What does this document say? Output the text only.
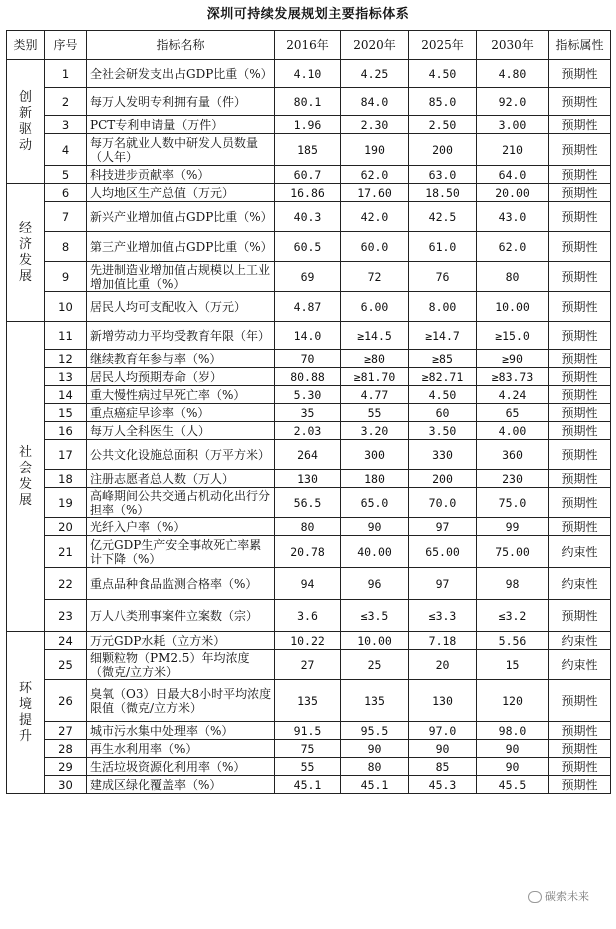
深圳可持续发展规划主要指标体系
类别	序号	指标名称	2016年	2020年	2025年	2030年	指标属性
创新驱动	1	全社会研发支出占GDP比重（%）	4.10	4.25	4.50	4.80	预期性
	2	每万人发明专利拥有量（件）	80.1	84.0	85.0	92.0	预期性
	3	PCT专利申请量（万件）	1.96	2.30	2.50	3.00	预期性
	4	每万名就业人数中研发人员数量（人年）	185	190	200	210	预期性
	5	科技进步贡献率（%）	60.7	62.0	63.0	64.0	预期性
经济发展	6	人均地区生产总值（万元）	16.86	17.60	18.50	20.00	预期性
	7	新兴产业增加值占GDP比重（%）	40.3	42.0	42.5	43.0	预期性
	8	第三产业增加值占GDP比重（%）	60.5	60.0	61.0	62.0	预期性
	9	先进制造业增加值占规模以上工业增加值比重（%）	69	72	76	80	预期性
	10	居民人均可支配收入（万元）	4.87	6.00	8.00	10.00	预期性
社会发展	11	新增劳动力平均受教育年限（年）	14.0	≥14.5	≥14.7	≥15.0	预期性
	12	继续教育年参与率（%）	70	≥80	≥85	≥90	预期性
	13	居民人均预期寿命（岁）	80.88	≥81.70	≥82.71	≥83.73	预期性
	14	重大慢性病过早死亡率（%）	5.30	4.77	4.50	4.24	预期性
	15	重点癌症早诊率（%）	35	55	60	65	预期性
	16	每万人全科医生（人）	2.03	3.20	3.50	4.00	预期性
	17	公共文化设施总面积（万平方米）	264	300	330	360	预期性
	18	注册志愿者总人数（万人）	130	180	200	230	预期性
	19	高峰期间公共交通占机动化出行分担率（%）	56.5	65.0	70.0	75.0	预期性
	20	光纤入户率（%）	80	90	97	99	预期性
	21	亿元GDP生产安全事故死亡率累计下降（%）	20.78	40.00	65.00	75.00	约束性
	22	重点品种食品监测合格率（%）	94	96	97	98	约束性
	23	万人八类刑事案件立案数（宗）	3.6	≤3.5	≤3.3	≤3.2	预期性
环境提升	24	万元GDP水耗（立方米）	10.22	10.00	7.18	5.56	约束性
	25	细颗粒物（PM2.5）年均浓度（微克/立方米）	27	25	20	15	约束性
	26	臭氧（O3）日最大8小时平均浓度限值（微克/立方米）	135	135	130	120	预期性
	27	城市污水集中处理率（%）	91.5	95.5	97.0	98.0	预期性
	28	再生水利用率（%）	75	90	90	90	预期性
	29	生活垃圾资源化利用率（%）	55	80	85	90	预期性
	30	建成区绿化覆盖率（%）	45.1	45.1	45.3	45.5	预期性
碳索未来
